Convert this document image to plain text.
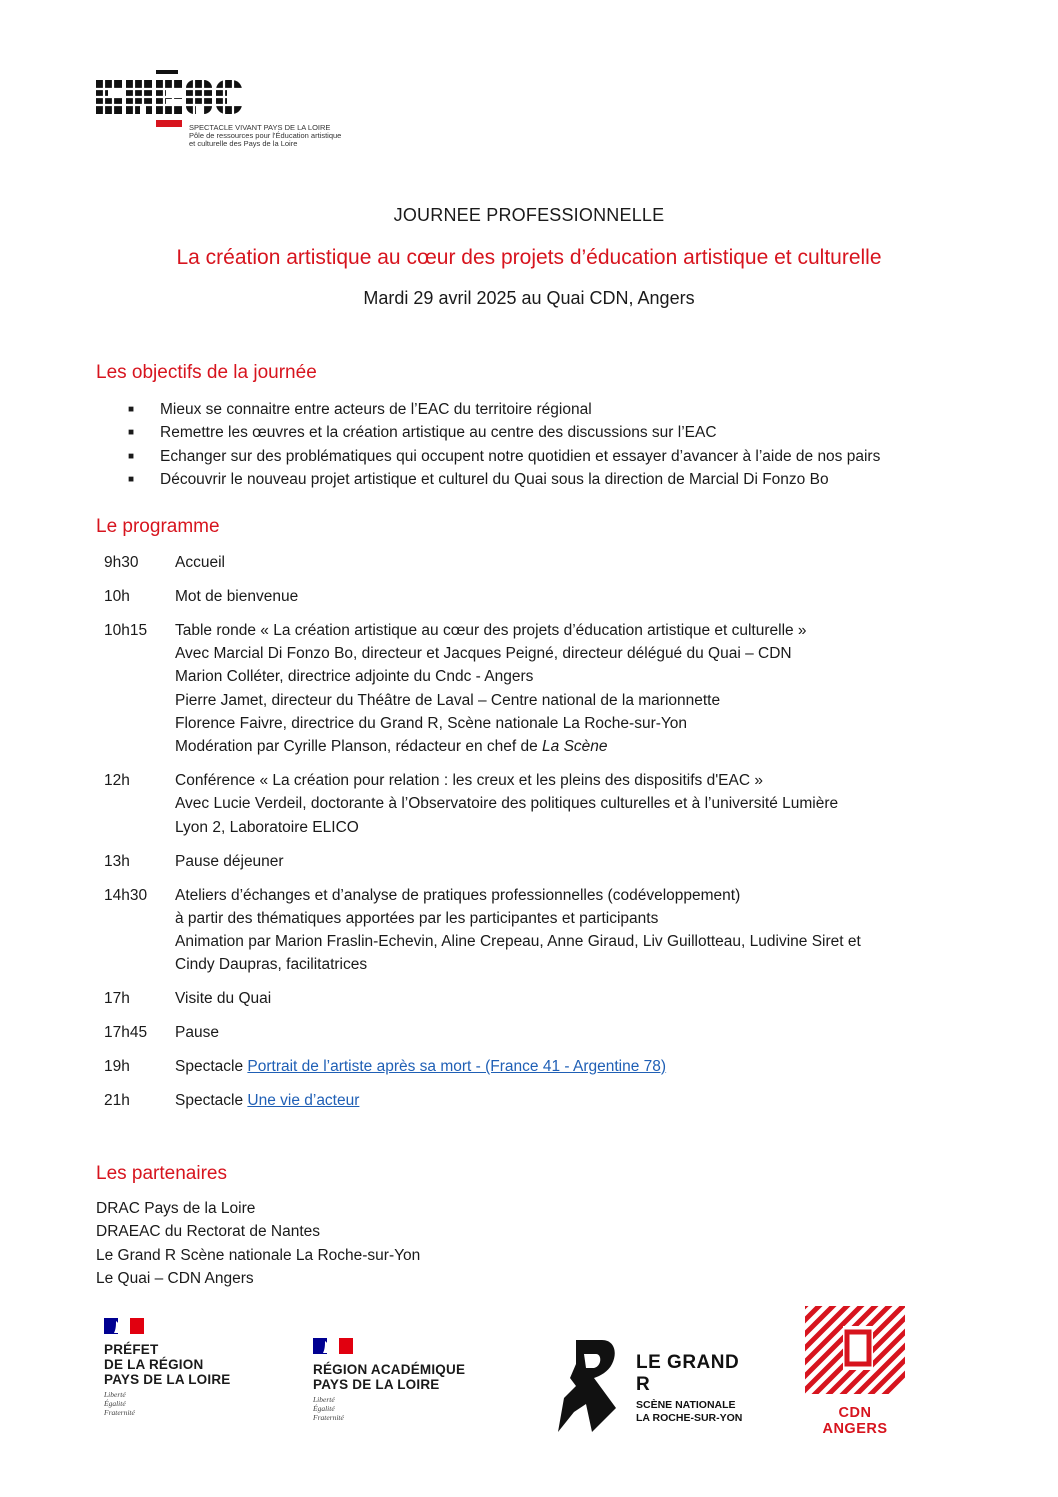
SPECTACLE VIVANT PAYS DE LA LOIRE
Pôle de ressources pour l'Éducation artistique
et culturelle des Pays de la Loire
JOURNEE PROFESSIONNELLE
La création artistique au cœur des projets d’éducation artistique et culturelle
Mardi 29 avril 2025 au Quai CDN, Angers
Les objectifs de la journée
■	Mieux se connaitre entre acteurs de l’EAC du territoire régional
■	Remettre les œuvres et la création artistique au centre des discussions sur l’EAC
■	Echanger sur des problématiques qui occupent notre quotidien et essayer d’avancer à l’aide de nos pairs
■	Découvrir le nouveau projet artistique et culturel du Quai sous la direction de Marcial Di Fonzo Bo
Le programme
9h30	Accueil
10h	Mot de bienvenue
10h15	Table ronde « La création artistique au cœur des projets d’éducation artistique et culturelle »
Avec Marcial Di Fonzo Bo, directeur et Jacques Peigné, directeur délégué du Quai – CDN
Marion Colléter, directrice adjointe du Cndc - Angers
Pierre Jamet, directeur du Théâtre de Laval – Centre national de la marionnette
Florence Faivre, directrice du Grand R, Scène nationale La Roche-sur-Yon
Modération par Cyrille Planson, rédacteur en chef de La Scène
12h	Conférence « La création pour relation : les creux et les pleins des dispositifs d'EAC »
Avec Lucie Verdeil, doctorante à l’Observatoire des politiques culturelles et à l’université Lumière
Lyon 2, Laboratoire ELICO
13h	Pause déjeuner
14h30	Ateliers d’échanges et d’analyse de pratiques professionnelles (codéveloppement)
à partir des thématiques apportées par les participantes et participants
Animation par Marion Fraslin-Echevin, Aline Crepeau, Anne Giraud, Liv Guillotteau, Ludivine Siret et
Cindy Daupras, facilitatrices
17h	Visite du Quai
17h45	Pause
19h	Spectacle Portrait de l’artiste après sa mort - (France 41 - Argentine 78)
21h	Spectacle Une vie d’acteur
Les partenaires
DRAC Pays de la Loire
DRAEAC du Rectorat de Nantes
Le Grand R Scène nationale La Roche-sur-Yon
Le Quai – CDN Angers
PRÉFET
DE LA RÉGION
PAYS DE LA LOIRE
Liberté
Égalité
Fraternité
RÉGION ACADÉMIQUE
PAYS DE LA LOIRE
Liberté
Égalité
Fraternité
LE GRAND R
SCÈNE NATIONALE
LA ROCHE-SUR-YON	CDN ANGERS
